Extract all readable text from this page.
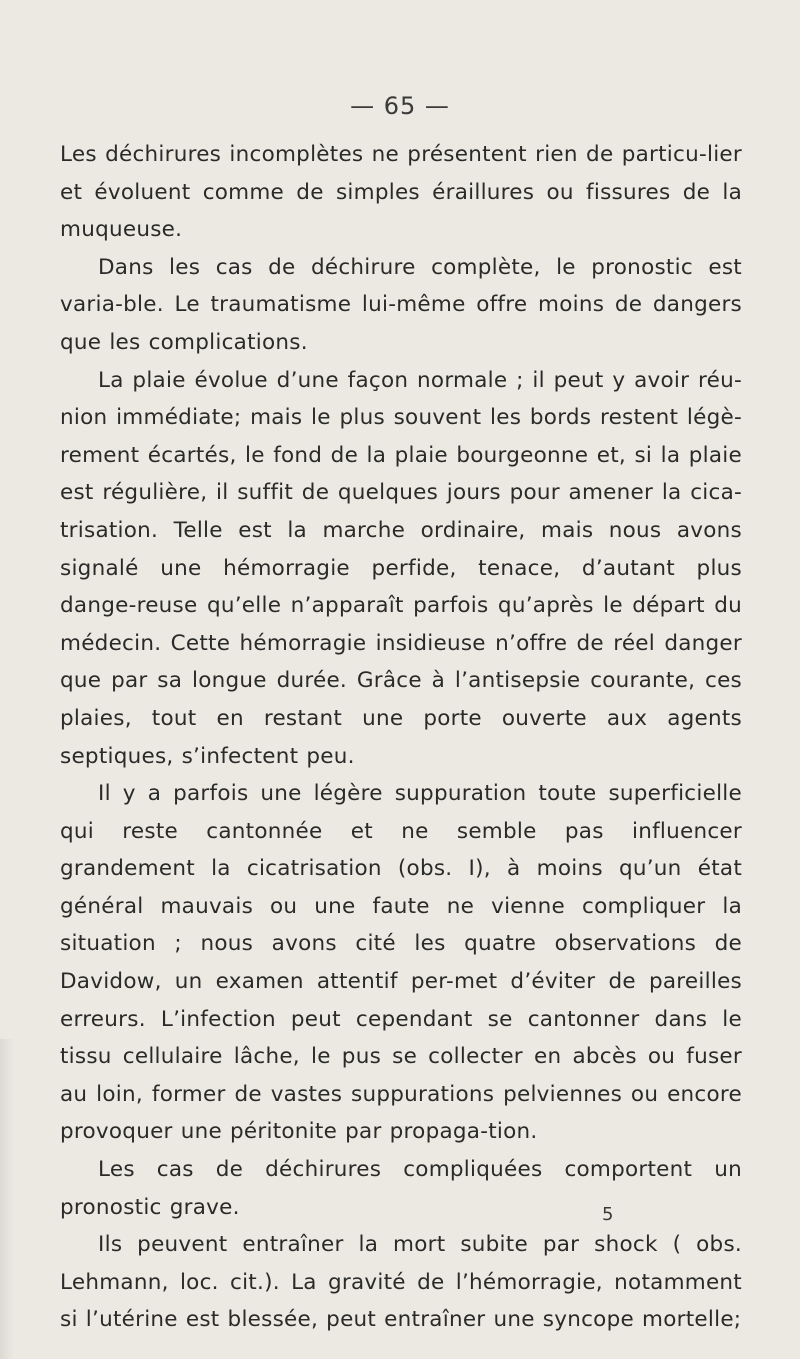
— 65 —

Les déchirures incomplètes ne présentent rien de particu-lier et évoluent comme de simples éraillures ou fissures de la muqueuse.

Dans les cas de déchirure complète, le pronostic est varia-ble. Le traumatisme lui-même offre moins de dangers que les complications.

La plaie évolue d’une façon normale ; il peut y avoir réu-nion immédiate; mais le plus souvent les bords restent légè-rement écartés, le fond de la plaie bourgeonne et, si la plaie est régulière, il suffit de quelques jours pour amener la cica-trisation. Telle est la marche ordinaire, mais nous avons signalé une hémorragie perfide, tenace, d’autant plus dange-reuse qu’elle n’apparaît parfois qu’après le départ du médecin. Cette hémorragie insidieuse n’offre de réel danger que par sa longue durée. Grâce à l’antisepsie courante, ces plaies, tout en restant une porte ouverte aux agents septiques, s’infectent peu.

Il y a parfois une légère suppuration toute superficielle qui reste cantonnée et ne semble pas influencer grandement la cicatrisation (obs. I), à moins qu’un état général mauvais ou une faute ne vienne compliquer la situation ; nous avons cité les quatre observations de Davidow, un examen attentif per-met d’éviter de pareilles erreurs. L’infection peut cependant se cantonner dans le tissu cellulaire lâche, le pus se collecter en abcès ou fuser au loin, former de vastes suppurations pelviennes ou encore provoquer une péritonite par propaga-tion.

Les cas de déchirures compliquées comportent un pronostic grave.

Ils peuvent entraîner la mort subite par shock ( obs. Lehmann, loc. cit.). La gravité de l’hémorragie, notamment si l’utérine est blessée, peut entraîner une syncope mortelle;

5
